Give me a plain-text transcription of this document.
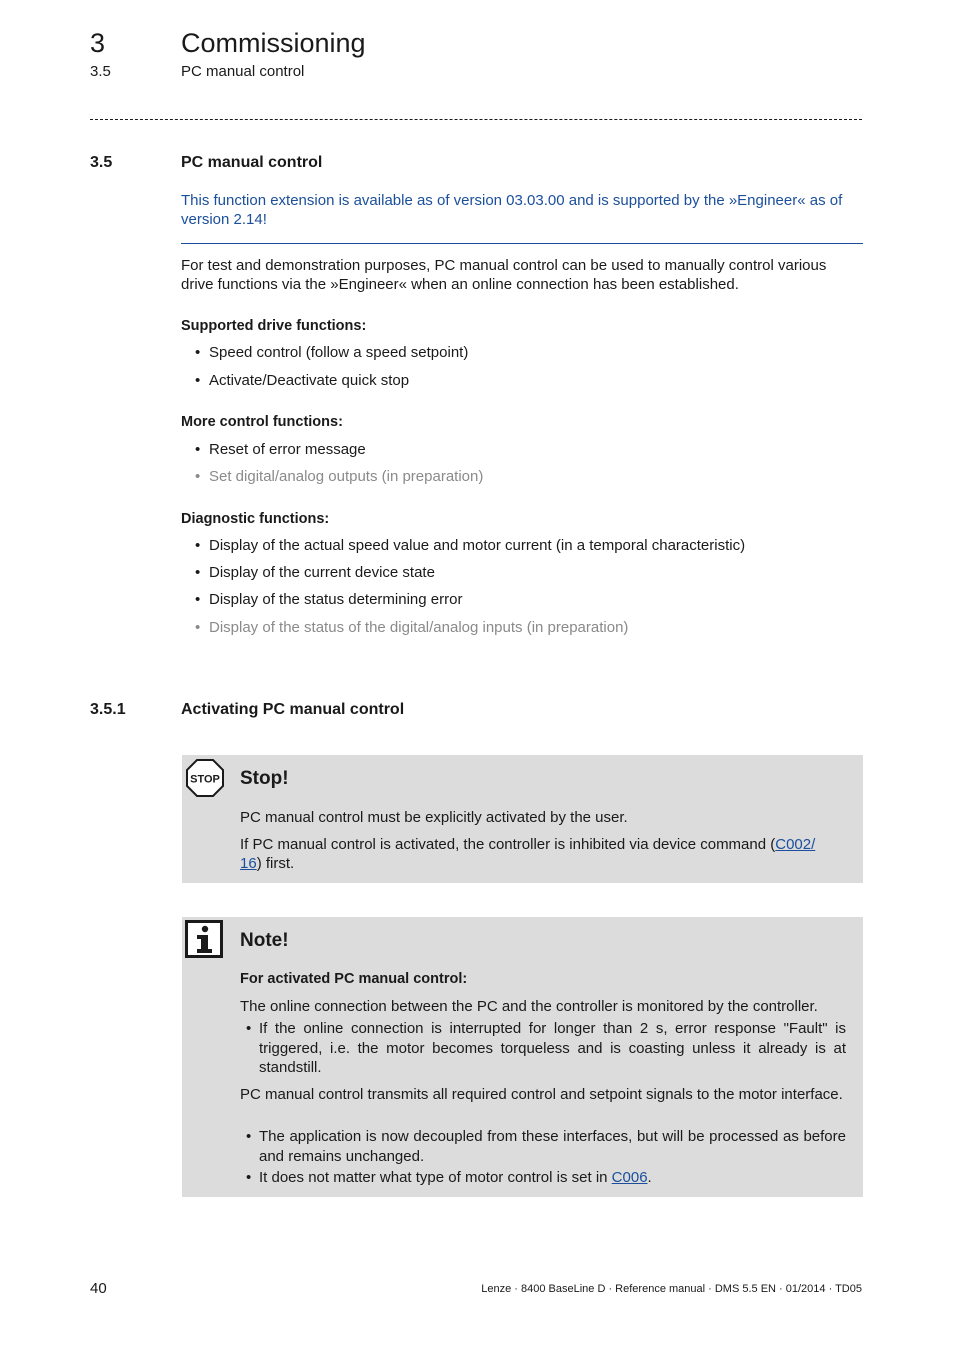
3	Commissioning
3.5	PC manual control
3.5	PC manual control
This function extension is available as of version 03.03.00 and is supported by the »Engineer« as of version 2.14!
For test and demonstration purposes, PC manual control can be used to manually control various drive functions via the »Engineer« when an online connection has been established.
Supported drive functions:
• Speed control (follow a speed setpoint)
• Activate/Deactivate quick stop
More control functions:
• Reset of error message
• Set digital/analog outputs (in preparation)
Diagnostic functions:
• Display of the actual speed value and motor current (in a temporal characteristic)
• Display of the current device state
• Display of the status determining error
• Display of the status of the digital/analog inputs (in preparation)
3.5.1	Activating PC manual control
STOP Stop!
PC manual control must be explicitly activated by the user.
If PC manual control is activated, the controller is inhibited via device command (C002/
16) first.
Note!
For activated PC manual control:
The online connection between the PC and the controller is monitored by the controller.
• If the online connection is interrupted for longer than 2 s, error response "Fault" is triggered, i.e. the motor becomes torqueless and is coasting unless it already is at standstill.
PC manual control transmits all required control and setpoint signals to the motor interface.
• The application is now decoupled from these interfaces, but will be processed as before and remains unchanged.
• It does not matter what type of motor control is set in C006.
40	Lenze · 8400 BaseLine D · Reference manual · DMS 5.5 EN · 01/2014 · TD05
